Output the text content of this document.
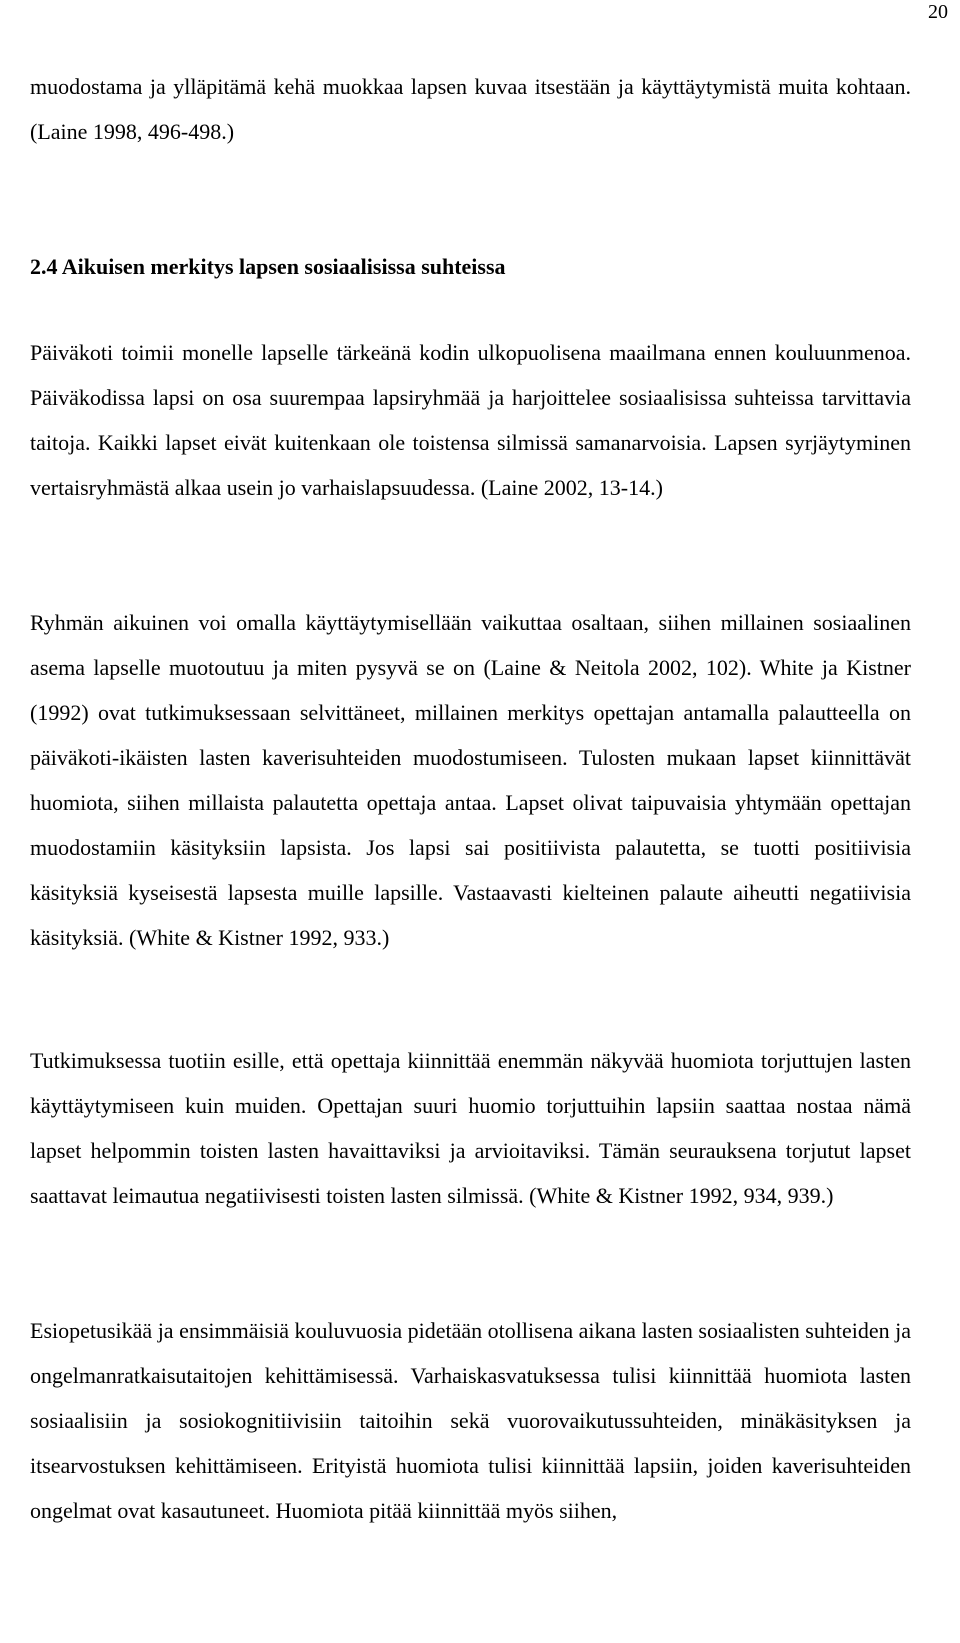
20

muodostama ja ylläpitämä kehä muokkaa lapsen kuvaa itsestään ja käyttäytymistä muita kohtaan. (Laine 1998, 496-498.)

2.4 Aikuisen merkitys lapsen sosiaalisissa suhteissa

Päiväkoti toimii monelle lapselle tärkeänä kodin ulkopuolisena maailmana ennen kouluunmenoa. Päiväkodissa lapsi on osa suurempaa lapsiryhmää ja harjoittelee sosiaalisissa suhteissa tarvittavia taitoja. Kaikki lapset eivät kuitenkaan ole toistensa silmissä samanarvoisia. Lapsen syrjäytyminen vertaisryhmästä alkaa usein jo varhaislapsuudessa. (Laine 2002, 13-14.)

Ryhmän aikuinen voi omalla käyttäytymisellään vaikuttaa osaltaan, siihen millainen sosiaalinen asema lapselle muotoutuu ja miten pysyvä se on (Laine & Neitola 2002, 102). White ja Kistner (1992) ovat tutkimuksessaan selvittäneet, millainen merkitys opettajan antamalla palautteella on päiväkoti-ikäisten lasten kaverisuhteiden muodostumiseen. Tulosten mukaan lapset kiinnittävät huomiota, siihen millaista palautetta opettaja antaa. Lapset olivat taipuvaisia yhtymään opettajan muodostamiin käsityksiin lapsista. Jos lapsi sai positiivista palautetta, se tuotti positiivisia käsityksiä kyseisestä lapsesta muille lapsille. Vastaavasti kielteinen palaute aiheutti negatiivisia käsityksiä. (White & Kistner 1992, 933.)

Tutkimuksessa tuotiin esille, että opettaja kiinnittää enemmän näkyvää huomiota torjuttujen lasten käyttäytymiseen kuin muiden. Opettajan suuri huomio torjuttuihin lapsiin saattaa nostaa nämä lapset helpommin toisten lasten havaittaviksi ja arvioitaviksi. Tämän seurauksena torjutut lapset saattavat leimautua negatiivisesti toisten lasten silmissä. (White & Kistner 1992, 934, 939.)

Esiopetusikää ja ensimmäisiä kouluvuosia pidetään otollisena aikana lasten sosiaalisten suhteiden ja ongelmanratkaisutaitojen kehittämisessä. Varhaiskasvatuksessa tulisi kiinnittää huomiota lasten sosiaalisiin ja sosiokognitiivisiin taitoihin sekä vuorovaikutussuhteiden, minäkäsityksen ja itsearvostuksen kehittämiseen. Erityistä huomiota tulisi kiinnittää lapsiin, joiden kaverisuhteiden ongelmat ovat kasautuneet. Huomiota pitää kiinnittää myös siihen,
